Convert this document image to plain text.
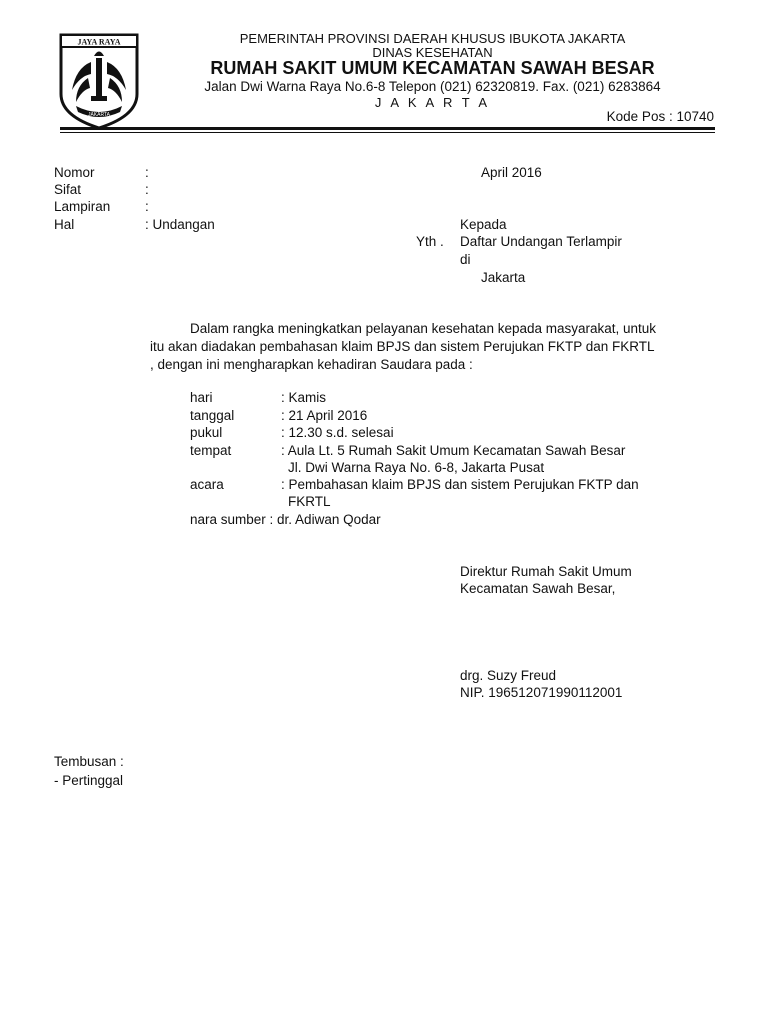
JAYA RAYA
JAKARTA
PEMERINTAH PROVINSI DAERAH KHUSUS IBUKOTA JAKARTA
DINAS KESEHATAN
RUMAH SAKIT UMUM KECAMATAN SAWAH BESAR
Jalan Dwi Warna Raya No.6-8 Telepon (021) 62320819. Fax. (021) 6283864
J A K A R T A
Kode Pos : 10740
Nomor	:
Sifat	:
Lampiran	:
Hal	: Undangan
April 2016
Kepada
Yth . Daftar Undangan Terlampir
di
Jakarta
Dalam rangka meningkatkan pelayanan kesehatan kepada masyarakat, untuk
itu akan diadakan pembahasan klaim BPJS dan sistem Perujukan FKTP dan FKRTL
, dengan ini mengharapkan kehadiran Saudara pada :
hari	: Kamis
tanggal	: 21 April 2016
pukul	: 12.30 s.d. selesai
tempat	: Aula Lt. 5 Rumah Sakit Umum Kecamatan Sawah Besar
Jl. Dwi Warna Raya No. 6-8, Jakarta Pusat
acara	: Pembahasan klaim BPJS dan sistem Perujukan FKTP dan
FKRTL
nara sumber : dr. Adiwan Qodar
Direktur Rumah Sakit Umum
Kecamatan Sawah Besar,
drg. Suzy Freud
NIP. 196512071990112001
Tembusan :
- Pertinggal
